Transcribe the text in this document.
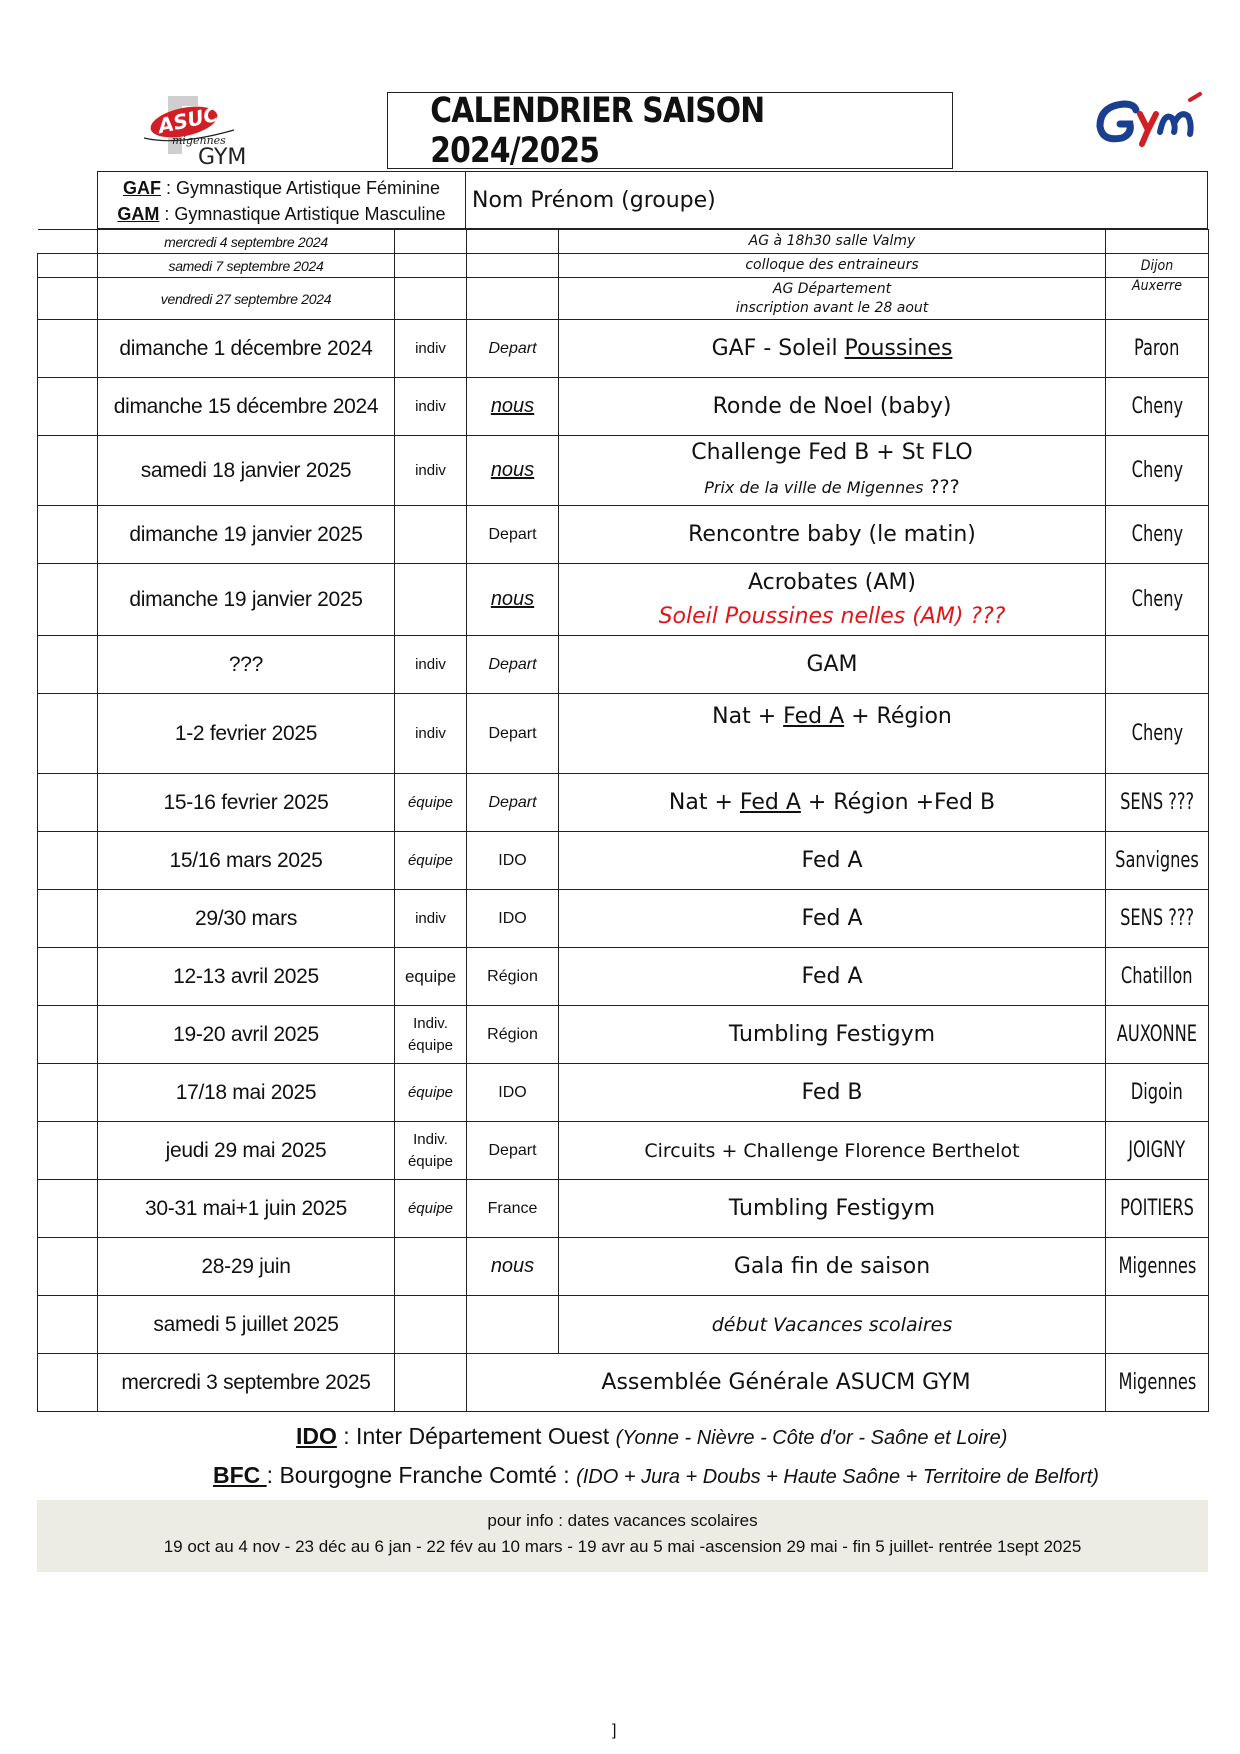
ASUC
migennes
GYM
CALENDRIER SAISON 2024/2025
GAF : Gymnastique Artistique Féminine
GAM : Gymnastique Artistique Masculine
Nom Prénom (groupe)
	mercredi 4 septembre 2024			AG à 18h30 salle Valmy	
	samedi 7 septembre 2024			colloque des entraineurs	Dijon
	vendredi 27 septembre 2024			AG Département
inscription avant le 28 aout	Auxerre
	dimanche 1 décembre 2024	indiv	Depart	GAF - Soleil Poussines	Paron
	dimanche 15 décembre 2024	indiv	nous	Ronde de Noel (baby)	Cheny
	samedi 18 janvier 2025	indiv	nous	Challenge Fed B + St FLO
Prix de la ville de Migennes ???	Cheny
	dimanche 19 janvier 2025		Depart	Rencontre baby (le matin)	Cheny
	dimanche 19 janvier 2025		nous	Acrobates (AM)
Soleil Poussines nelles (AM) ???	Cheny
	???	indiv	Depart	GAM	
	1-2 fevrier 2025	indiv	Depart	Nat + Fed A + Région	Cheny
	15-16 fevrier 2025	équipe	Depart	Nat + Fed A + Région +Fed B	SENS ???
	15/16 mars 2025	équipe	IDO	Fed A	Sanvignes
	29/30 mars	indiv	IDO	Fed A	SENS ???
	12-13 avril 2025	equipe	Région	Fed A	Chatillon
	19-20 avril 2025	Indiv.
équipe	Région	Tumbling Festigym	AUXONNE
	17/18 mai 2025	équipe	IDO	Fed B	Digoin
	jeudi 29 mai 2025	Indiv.
équipe	Depart	Circuits + Challenge Florence Berthelot	JOIGNY
	30-31 mai+1 juin 2025	équipe	France	Tumbling Festigym	POITIERS
	28-29 juin		nous	Gala fin de saison	Migennes
	samedi 5 juillet 2025			début Vacances scolaires	
	mercredi 3 septembre 2025		Assemblée Générale ASUCM GYM		Migennes
IDO : Inter Département Ouest (Yonne - Nièvre - Côte d'or - Saône et Loire)
BFC : Bourgogne Franche Comté : (IDO + Jura + Doubs + Haute Saône + Territoire de Belfort)
pour info : dates vacances scolaires
19 oct au 4 nov - 23 déc au 6 jan - 22 fév au 10 mars - 19 avr au 5 mai -ascension 29 mai - fin 5 juillet- rentrée 1sept 2025
]
